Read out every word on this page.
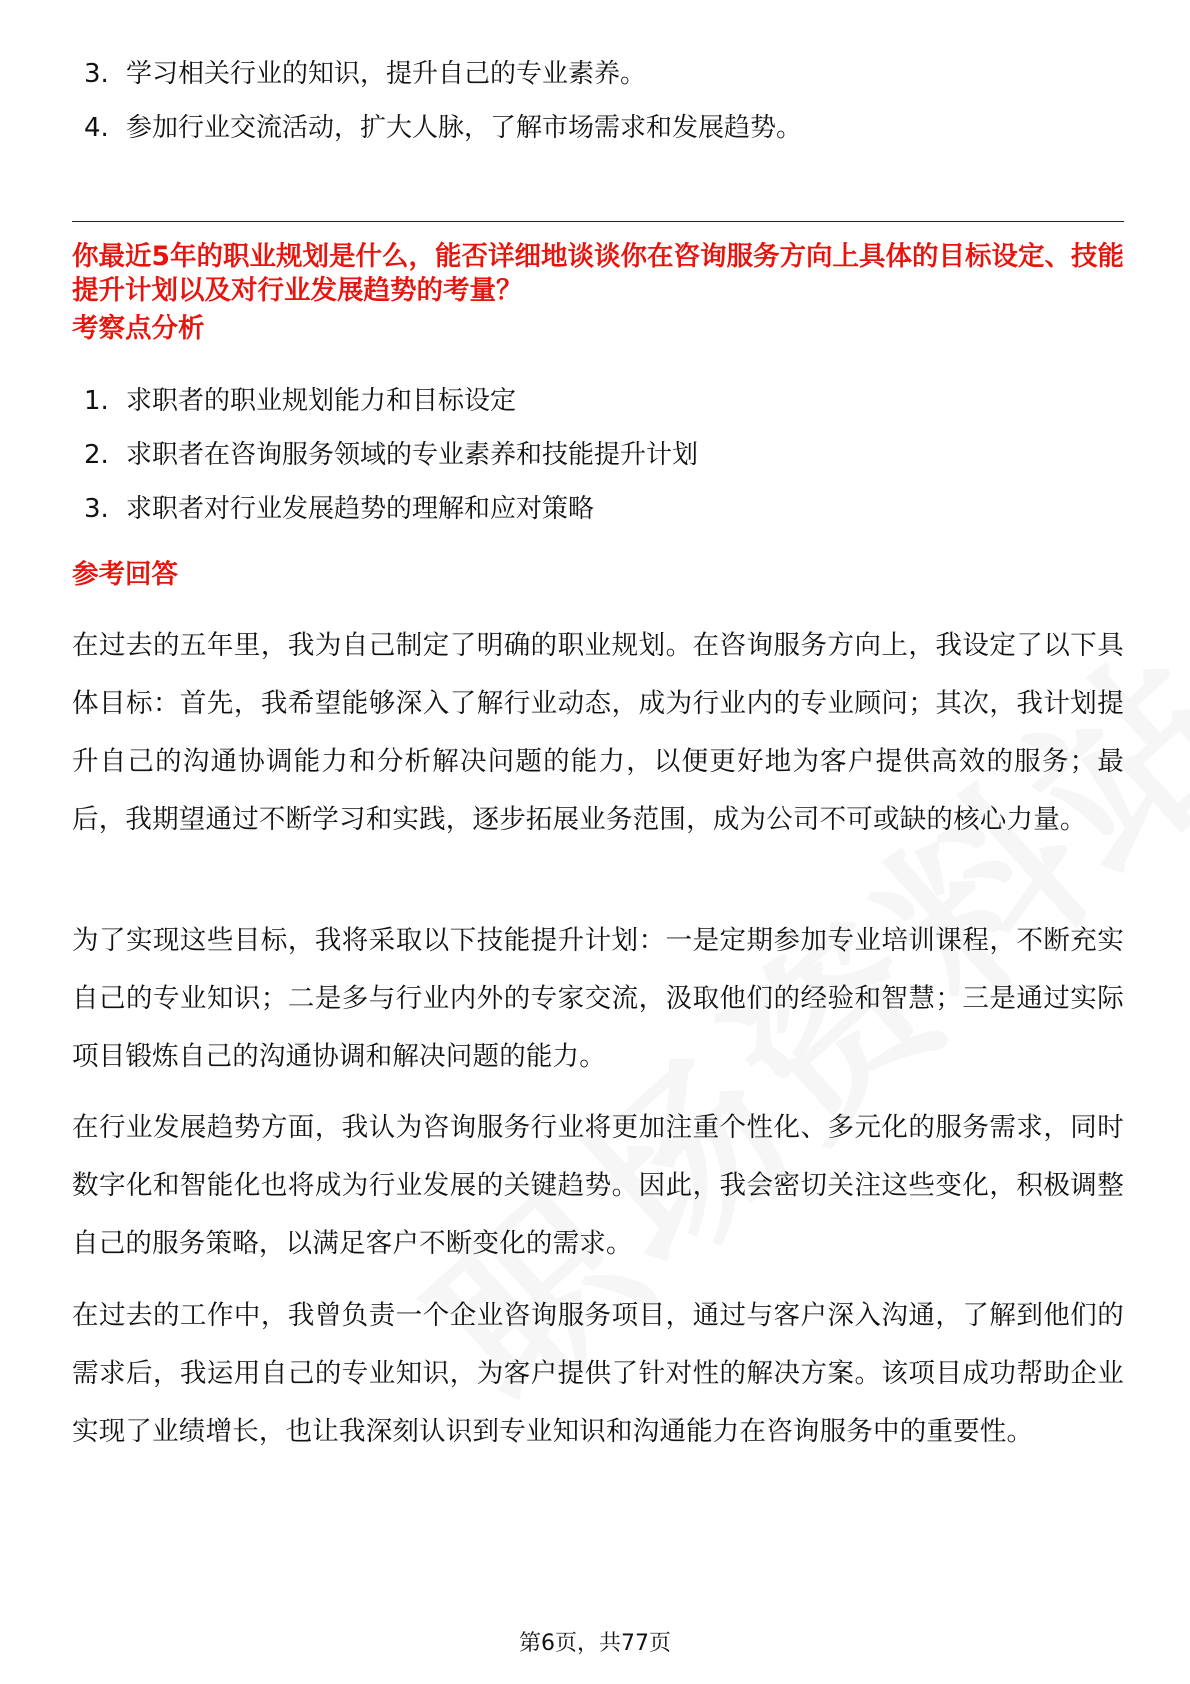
3. 学习相关行业的知识，提升自己的专业素养。
4. 参加行业交流活动，扩大人脉，了解市场需求和发展趋势。

你最近5年的职业规划是什么，能否详细地谈谈你在咨询服务方向上具体的目标设定、技能提升计划以及对行业发展趋势的考量？

考察点分析

1. 求职者的职业规划能力和目标设定
2. 求职者在咨询服务领域的专业素养和技能提升计划
3. 求职者对行业发展趋势的理解和应对策略

参考回答

在过去的五年里，我为自己制定了明确的职业规划。在咨询服务方向上，我设定了以下具体目标：首先，我希望能够深入了解行业动态，成为行业内的专业顾问；其次，我计划提升自己的沟通协调能力和分析解决问题的能力，以便更好地为客户提供高效的服务；最后，我期望通过不断学习和实践，逐步拓展业务范围，成为公司不可或缺的核心力量。

为了实现这些目标，我将采取以下技能提升计划：一是定期参加专业培训课程，不断充实自己的专业知识；二是多与行业内外的专家交流，汲取他们的经验和智慧；三是通过实际项目锻炼自己的沟通协调和解决问题的能力。

在行业发展趋势方面，我认为咨询服务行业将更加注重个性化、多元化的服务需求，同时数字化和智能化也将成为行业发展的关键趋势。因此，我会密切关注这些变化，积极调整自己的服务策略，以满足客户不断变化的需求。

在过去的工作中，我曾负责一个企业咨询服务项目，通过与客户深入沟通，了解到他们的需求后，我运用自己的专业知识，为客户提供了针对性的解决方案。该项目成功帮助企业实现了业绩增长，也让我深刻认识到专业知识和沟通能力在咨询服务中的重要性。

第6页，共77页
